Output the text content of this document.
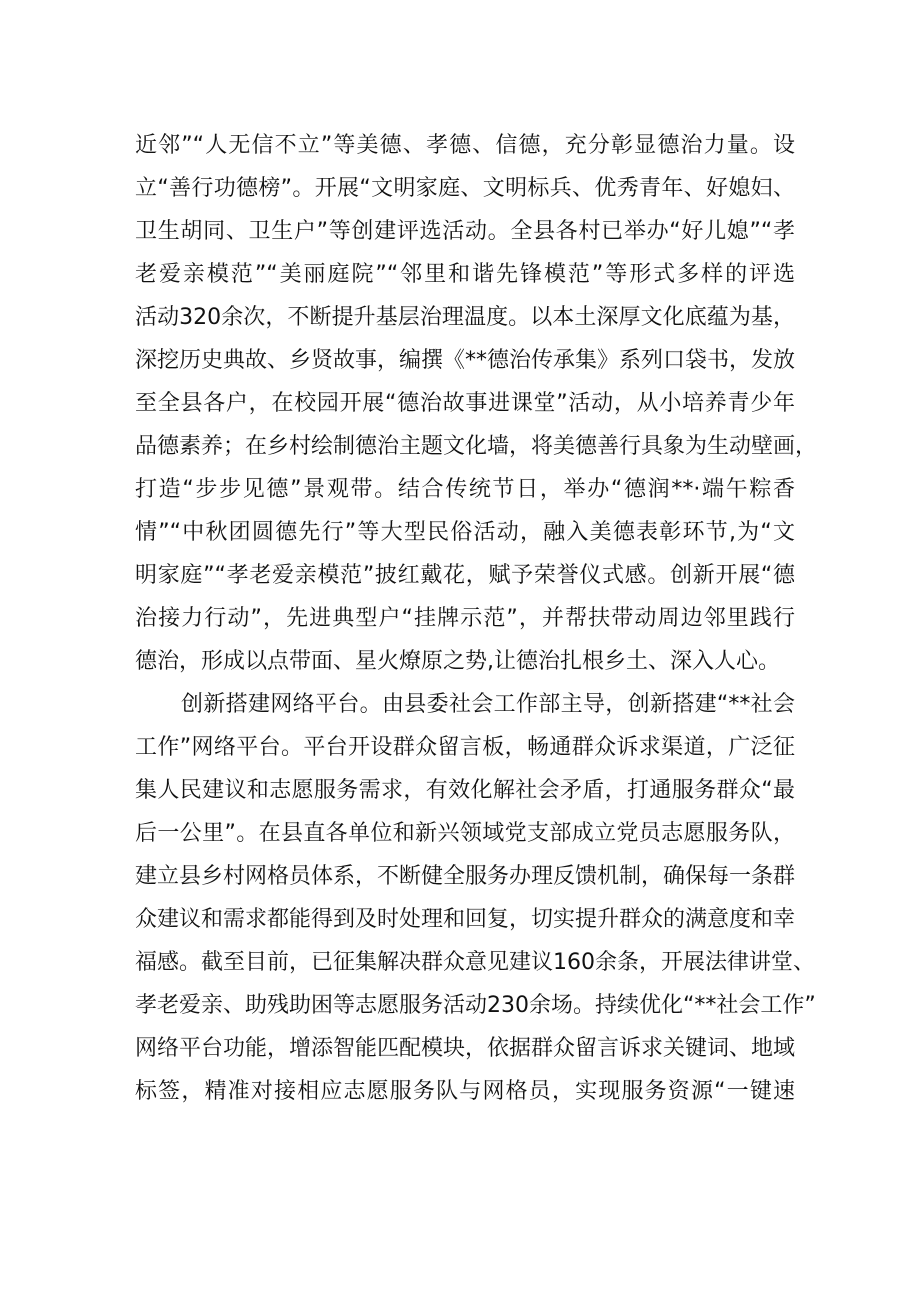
近邻”“人无信不立”等美德、孝德、信德，充分彰显德治力量。设
立“善行功德榜”。开展“文明家庭、文明标兵、优秀青年、好媳妇、
卫生胡同、卫生户”等创建评选活动。全县各村已举办“好儿媳”“孝
老爱亲模范”“美丽庭院”“邻里和谐先锋模范”等形式多样的评选
活动320余次，不断提升基层治理温度。以本土深厚文化底蕴为基，
深挖历史典故、乡贤故事，编撰《**德治传承集》系列口袋书，发放
至全县各户，在校园开展“德治故事进课堂”活动，从小培养青少年
品德素养；在乡村绘制德治主题文化墙，将美德善行具象为生动壁画，
打造“步步见德”景观带。结合传统节日，举办“德润**·端午粽香
情”“中秋团圆德先行”等大型民俗活动，融入美德表彰环节,为“文
明家庭”“孝老爱亲模范”披红戴花，赋予荣誉仪式感。创新开展“德
治接力行动”，先进典型户“挂牌示范”，并帮扶带动周边邻里践行
德治，形成以点带面、星火燎原之势,让德治扎根乡土、深入人心。
创新搭建网络平台。由县委社会工作部主导，创新搭建“**社会
工作”网络平台。平台开设群众留言板，畅通群众诉求渠道，广泛征
集人民建议和志愿服务需求，有效化解社会矛盾，打通服务群众“最
后一公里”。在县直各单位和新兴领域党支部成立党员志愿服务队，
建立县乡村网格员体系，不断健全服务办理反馈机制，确保每一条群
众建议和需求都能得到及时处理和回复，切实提升群众的满意度和幸
福感。截至目前，已征集解决群众意见建议160余条，开展法律讲堂、
孝老爱亲、助残助困等志愿服务活动230余场。持续优化“**社会工作”
网络平台功能，增添智能匹配模块，依据群众留言诉求关键词、地域
标签，精准对接相应志愿服务队与网格员，实现服务资源“一键速
